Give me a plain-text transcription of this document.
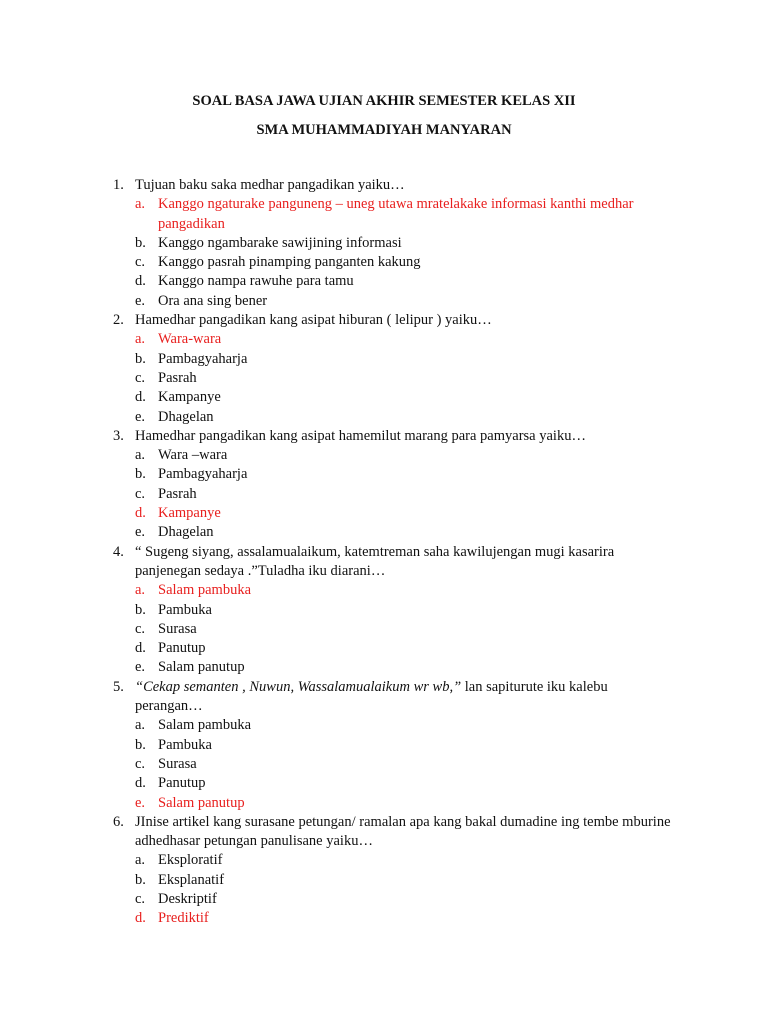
SOAL BASA JAWA UJIAN AKHIR SEMESTER KELAS XII
SMA MUHAMMADIYAH MANYARAN
1. Tujuan baku saka medhar pangadikan yaiku…
a. Kanggo ngaturake panguneng – uneg utawa mratelakake informasi kanthi medhar pangadikan
b. Kanggo ngambarake sawijining informasi
c. Kanggo pasrah pinamping panganten kakung
d. Kanggo nampa rawuhe para tamu
e. Ora ana sing bener
2. Hamedhar pangadikan kang asipat hiburan ( lelipur ) yaiku…
a. Wara-wara
b. Pambagyaharja
c. Pasrah
d. Kampanye
e. Dhagelan
3. Hamedhar pangadikan kang asipat hamemilut marang para pamyarsa yaiku…
a. Wara –wara
b. Pambagyaharja
c. Pasrah
d. Kampanye
e. Dhagelan
4. “ Sugeng siyang, assalamualaikum, katemtreman saha kawilujengan mugi kasarira panjenegan sedaya .”Tuladha iku diarani…
a. Salam pambuka
b. Pambuka
c. Surasa
d. Panutup
e. Salam panutup
5. “Cekap semanten , Nuwun, Wassalamualaikum wr wb,” lan sapiturute iku kalebu perangan…
a. Salam pambuka
b. Pambuka
c. Surasa
d. Panutup
e. Salam panutup
6. JInise artikel kang surasane petungan/ ramalan apa kang bakal dumadine ing tembe mburine adhedhasar petungan panulisane yaiku…
a. Eksploratif
b. Eksplanatif
c. Deskriptif
d. Prediktif
